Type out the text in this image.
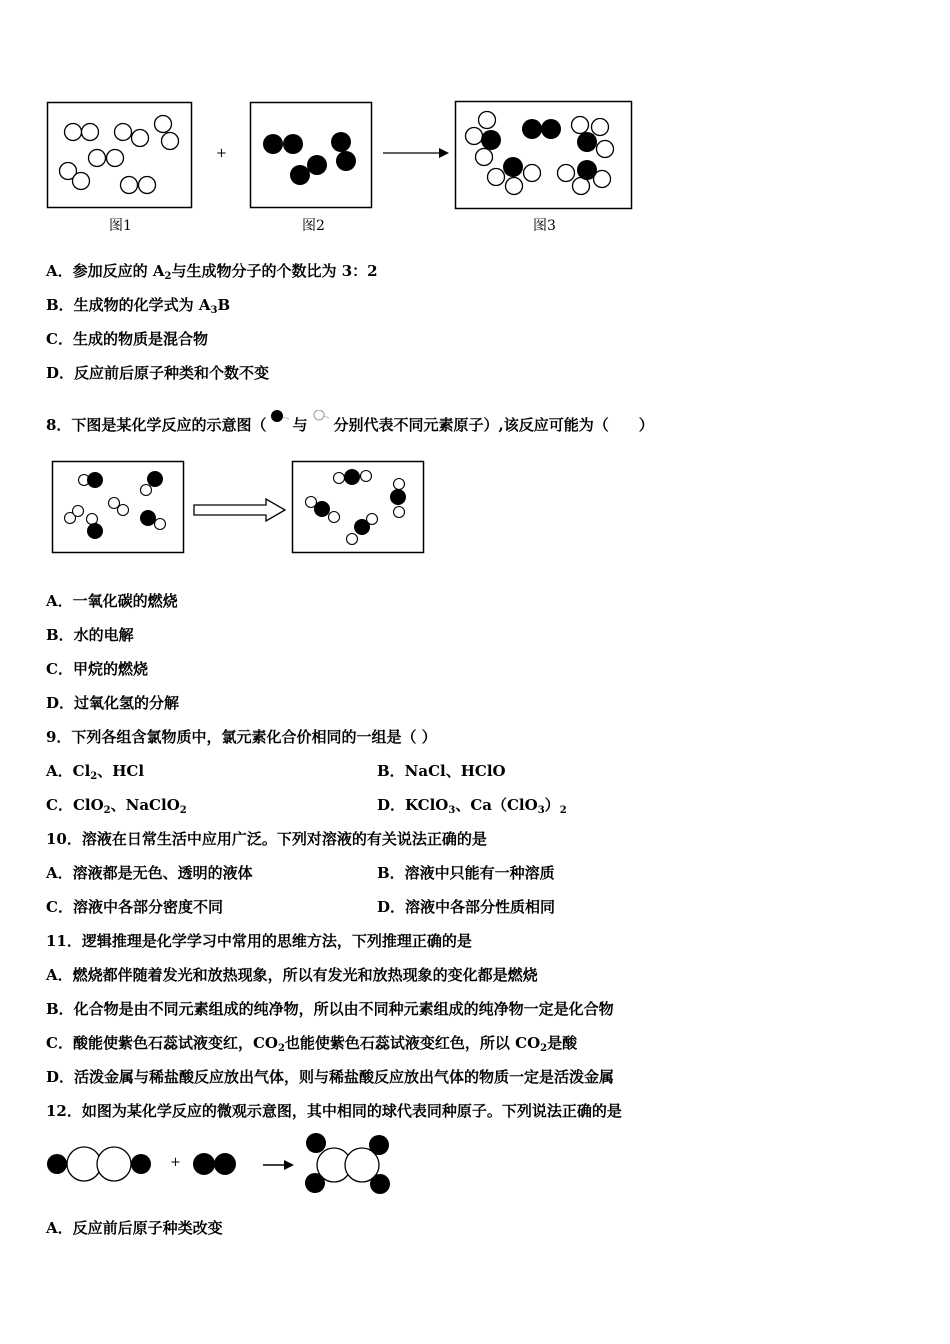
+
图1	图2	图3
A．参加反应的 $A_2$与生成物分子的个数比为 3：2
B．生成物的化学式为 $A_3B$
C．生成的物质是混合物
D．反应前后原子种类和个数不变
8．下图是某化学反应的示意图（ 与 分别代表不同元素原子）,该反应可能为（　　）
A．一氧化碳的燃烧
B．水的电解
C．甲烷的燃烧
D．过氧化氢的分解
9．下列各组含氯物质中，氯元素化合价相同的一组是（ ）
A．$Cl_2$、HCl	B．NaCl、HClO
C．ClO$_2$、NaClO$_2$	D．KClO$_3$、$Ca(ClO_3)_2$
10．溶液在日常生活中应用广泛。下列对溶液的有关说法正确的是
A．溶液都是无色、透明的液体	B．溶液中只能有一种溶质
C．溶液中各部分密度不同	D．溶液中各部分性质相同
11．逻辑推理是化学学习中常用的思维方法，下列推理正确的是
A．燃烧都伴随着发光和放热现象，所以有发光和放热现象的变化都是燃烧
B．化合物是由不同元素组成的纯净物，所以由不同种元素组成的纯净物一定是化合物
C．酸能使紫色石蕊试液变红，$CO_2$也能使紫色石蕊试液变红色，所以 $CO_2$是酸
D．活泼金属与稀盐酸反应放出气体，则与稀盐酸反应放出气体的物质一定是活泼金属
12．如图为某化学反应的微观示意图，其中相同的球代表同种原子。下列说法正确的是
+
A．反应前后原子种类改变
